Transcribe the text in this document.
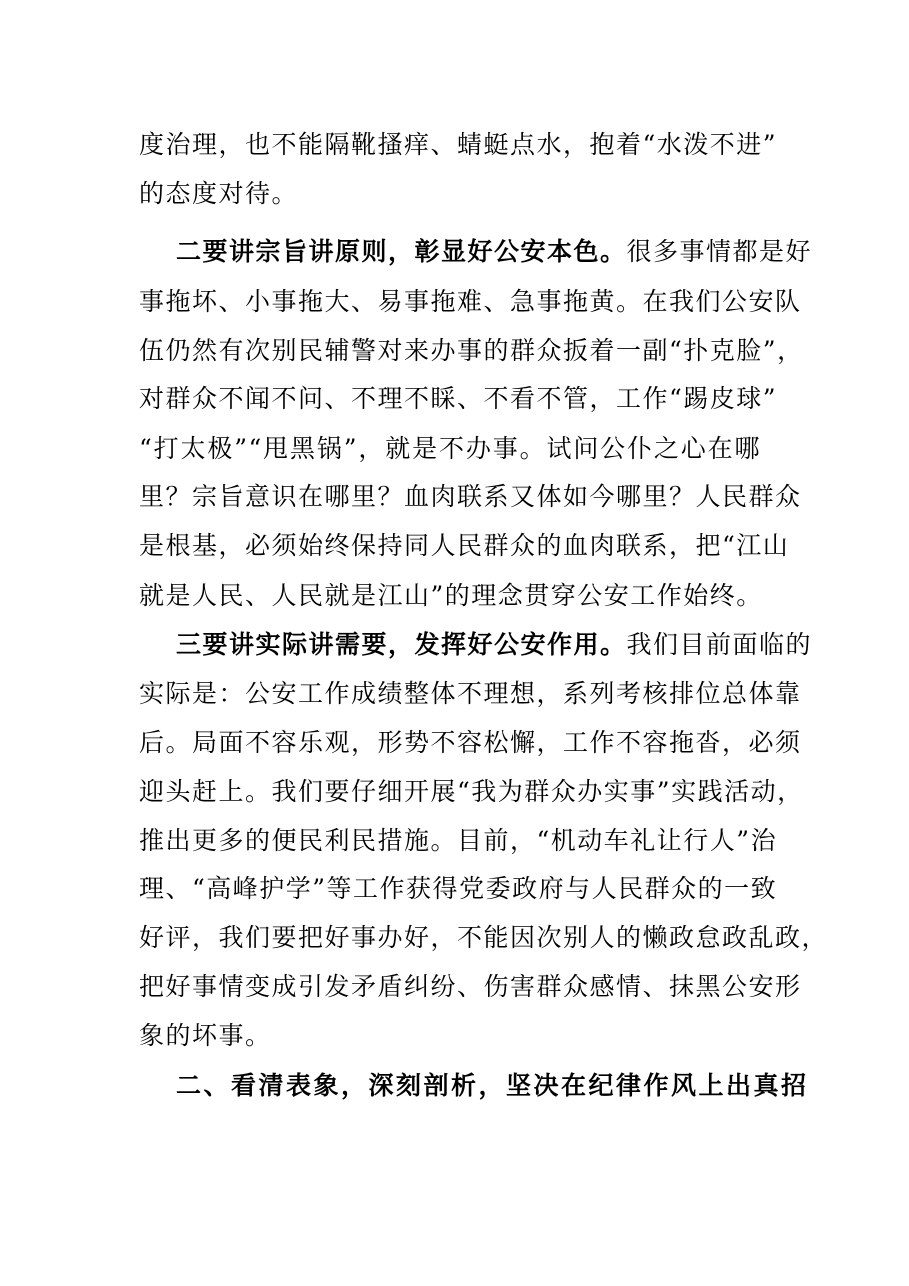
度治理，也不能隔靴搔痒、蜻蜓点水，抱着“水泼不进”
的态度对待。
二要讲宗旨讲原则，彰显好公安本色。很多事情都是好
事拖坏、小事拖大、易事拖难、急事拖黄。在我们公安队
伍仍然有次别民辅警对来办事的群众扳着一副“扑克脸”，
对群众不闻不问、不理不睬、不看不管，工作“踢皮球”
“打太极”“甩黑锅”，就是不办事。试问公仆之心在哪
里？宗旨意识在哪里？血肉联系又体如今哪里？人民群众
是根基，必须始终保持同人民群众的血肉联系，把“江山
就是人民、人民就是江山”的理念贯穿公安工作始终。
三要讲实际讲需要，发挥好公安作用。我们目前面临的
实际是：公安工作成绩整体不理想，系列考核排位总体靠
后。局面不容乐观，形势不容松懈，工作不容拖沓，必须
迎头赶上。我们要仔细开展“我为群众办实事”实践活动，
推出更多的便民利民措施。目前，“机动车礼让行人”治
理、“高峰护学”等工作获得党委政府与人民群众的一致
好评，我们要把好事办好，不能因次别人的懒政怠政乱政，
把好事情变成引发矛盾纠纷、伤害群众感情、抹黑公安形
象的坏事。
二、看清表象，深刻剖析，坚决在纪律作风上出真招
